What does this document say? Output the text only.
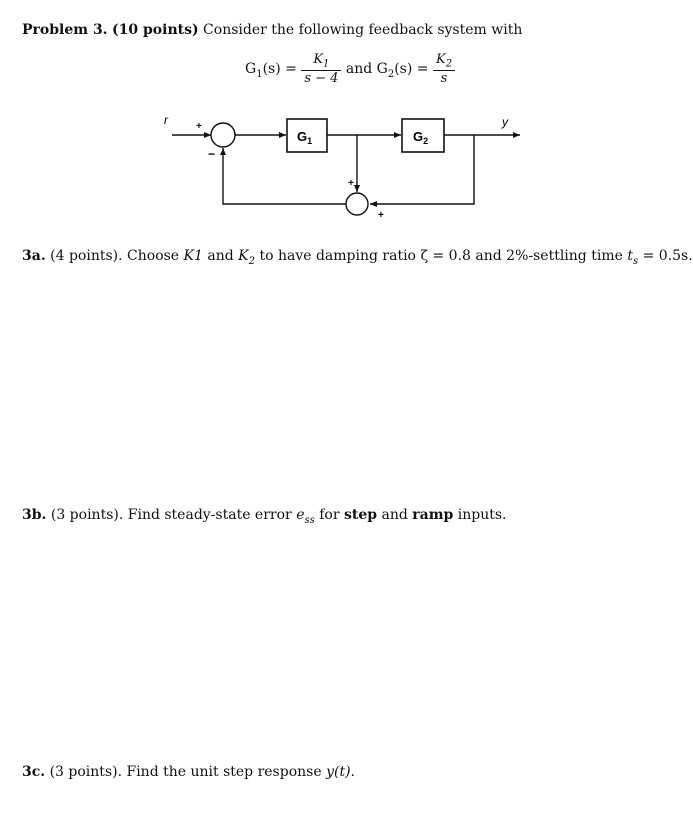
Problem 3. (10 points) Consider the following feedback system with
$G_1(s) = \frac{K_1}{s - 4}$ and $G_2(s) = \frac{K_2}{s}$
r	+
−
$G_1$	$G_2$
y
+
+
3a. (4 points). Choose K1 and $K_2$ to have damping ratio ζ = 0.8 and 2%-settling time $t_s = 0.5s$.
3b. (3 points). Find steady-state error $e_{ss}$ for step and ramp inputs.
3c. (3 points). Find the unit step response y(t).
